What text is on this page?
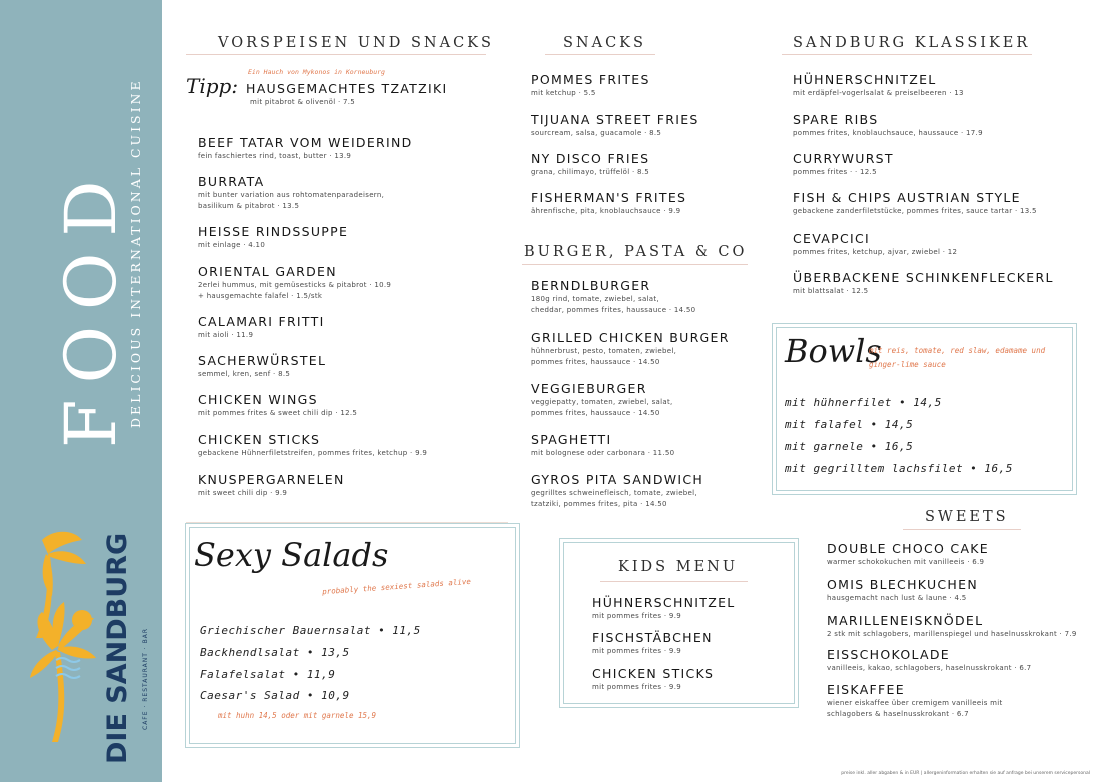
FOOD
DELICIOUS INTERNATIONAL CUISINE
DIE SANDBURG CAFE · RESTAURANT · BAR
VORSPEISEN UND SNACKS
Tipp:
Ein Hauch von Mykonos in Korneuburg
HAUSGEMACHTES TZATZIKI
mit pitabrot & olivenöl · 7.5
BEEF TATAR VOM WEIDERIND
fein faschiertes rind, toast, butter · 13.9
BURRATA
mit bunter variation aus rohtomatenparadeisern,
basilikum & pitabrot · 13.5
HEISSE RINDSSUPPE
mit einlage · 4.10
ORIENTAL GARDEN
2erlei hummus, mit gemüsesticks & pitabrot · 10.9
+ hausgemachte falafel · 1.5/stk
CALAMARI FRITTI
mit aioli · 11.9
SACHERWÜRSTEL
semmel, kren, senf · 8.5
CHICKEN WINGS
mit pommes frites & sweet chili dip · 12.5
CHICKEN STICKS
gebackene Hühnerfiletstreifen, pommes frites, ketchup · 9.9
KNUSPERGARNELEN
mit sweet chili dip · 9.9
SNACKS
POMMES FRITES
mit ketchup · 5.5
TIJUANA STREET FRIES
sourcream, salsa, guacamole · 8.5
NY DISCO FRIES
grana, chilimayo, trüffelöl · 8.5
FISHERMAN'S FRITES
ährenfische, pita, knoblauchsauce · 9.9
BURGER, PASTA & CO
BERNDLBURGER
180g rind, tomate, zwiebel, salat,
cheddar, pommes frites, haussauce · 14.50
GRILLED CHICKEN BURGER
hühnerbrust, pesto, tomaten, zwiebel,
pommes frites, haussauce · 14.50
VEGGIEBURGER
veggiepatty, tomaten, zwiebel, salat,
pommes frites, haussauce · 14.50
SPAGHETTI
mit bolognese oder carbonara · 11.50
GYROS PITA SANDWICH
gegrilltes schweinefleisch, tomate, zwiebel,
tzatziki, pommes frites, pita · 14.50
SANDBURG KLASSIKER
HÜHNERSCHNITZEL
mit erdäpfel-vogerlsalat & preiselbeeren · 13
SPARE RIBS
pommes frites, knoblauchsauce, haussauce · 17.9
CURRYWURST
pommes frites · · 12.5
FISH & CHIPS AUSTRIAN STYLE
gebackene zanderfiletstücke, pommes frites, sauce tartar · 13.5
CEVAPCICI
pommes frites, ketchup, ajvar, zwiebel · 12
ÜBERBACKENE SCHINKENFLECKERL
mit blattsalat · 12.5
Bowls
mit reis, tomate, red slaw, edamame und
ginger-lime sauce
mit hühnerfilet • 14,5
mit falafel • 14,5
mit garnele • 16,5
mit gegrilltem lachsfilet • 16,5
Sexy Salads
probably the sexiest salads alive
Griechischer Bauernsalat • 11,5
Backhendlsalat • 13,5
Falafelsalat • 11,9
Caesar's Salad • 10,9
mit huhn 14,5 oder mit garnele 15,9
KIDS MENU
HÜHNERSCHNITZEL
mit pommes frites · 9.9
FISCHSTÄBCHEN
mit pommes frites · 9.9
CHICKEN STICKS
mit pommes frites · 9.9
SWEETS
DOUBLE CHOCO CAKE
warmer schokokuchen mit vanilleeis · 6.9
OMIS BLECHKUCHEN
hausgemacht nach lust & laune · 4.5
MARILLENEISKNÖDEL
2 stk mit schlagobers, marillenspiegel und haselnusskrokant · 7.9
EISSCHOKOLADE
vanilleeis, kakao, schlagobers, haselnusskrokant · 6.7
EISKAFFEE
wiener eiskaffee über cremigem vanilleeis mit
schlagobers & haselnusskrokant · 6.7
preise inkl. aller abgaben & in EUR | allergeninformation erhalten sie auf anfrage bei unserem servicepersonal
